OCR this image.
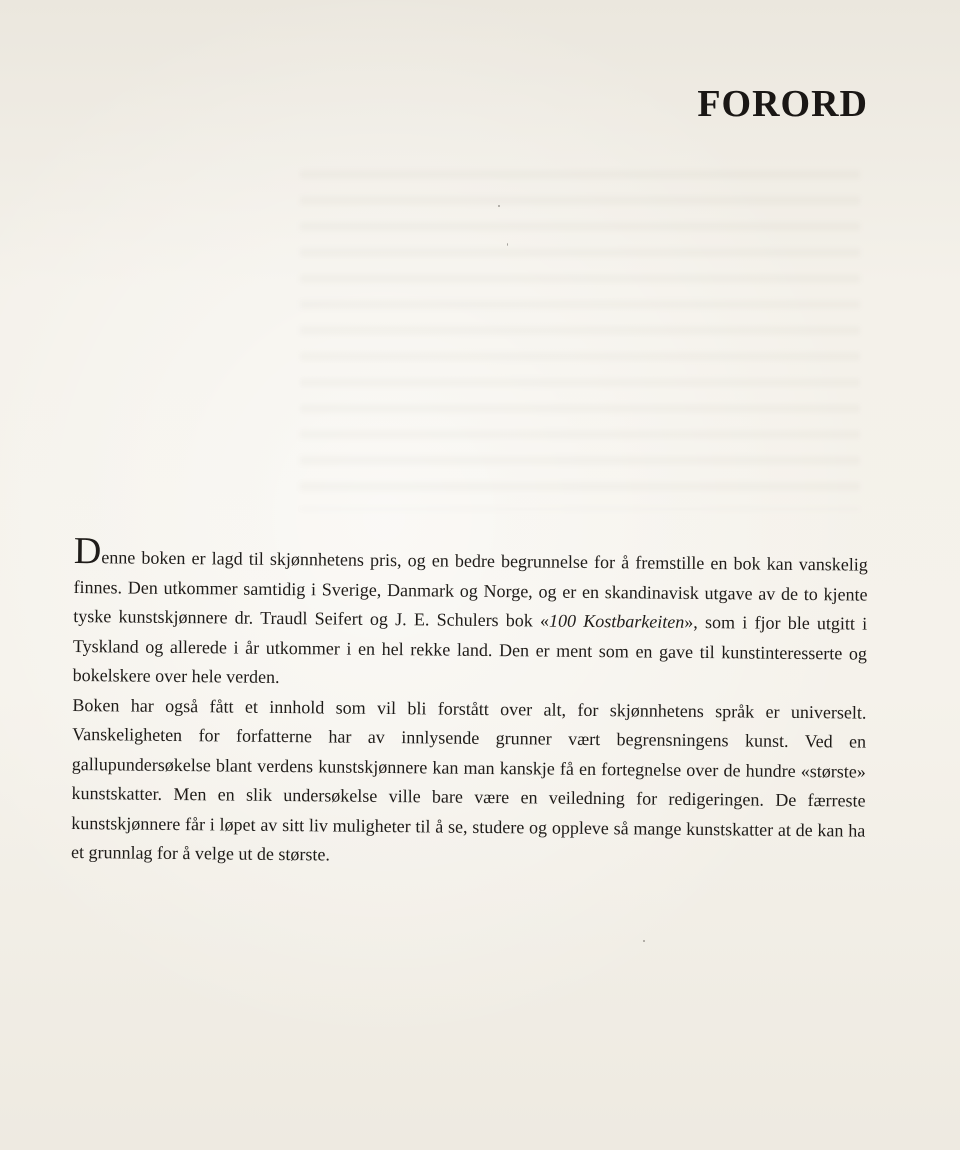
FORORD

Denne boken er lagd til skjønnhetens pris, og en bedre begrunnelse for å fremstille en bok kan vanskelig finnes. Den utkommer samtidig i Sverige, Danmark og Norge, og er en skandinavisk utgave av de to kjente tyske kunstskjønnere dr. Traudl Seifert og J. E. Schulers bok «100 Kostbarkeiten», som i fjor ble utgitt i Tyskland og allerede i år utkommer i en hel rekke land. Den er ment som en gave til kunstinteresserte og bokelskere over hele verden.

Boken har også fått et innhold som vil bli forstått over alt, for skjønnhetens språk er universelt. Vanskeligheten for forfatterne har av innlysende grunner vært begrensningens kunst. Ved en gallupundersøkelse blant verdens kunstskjønnere kan man kanskje få en fortegnelse over de hundre «største» kunstskatter. Men en slik undersøkelse ville bare være en veiledning for redigeringen. De færreste kunstskjønnere får i løpet av sitt liv muligheter til å se, studere og oppleve så mange kunstskatter at de kan ha et grunnlag for å velge ut de største.
